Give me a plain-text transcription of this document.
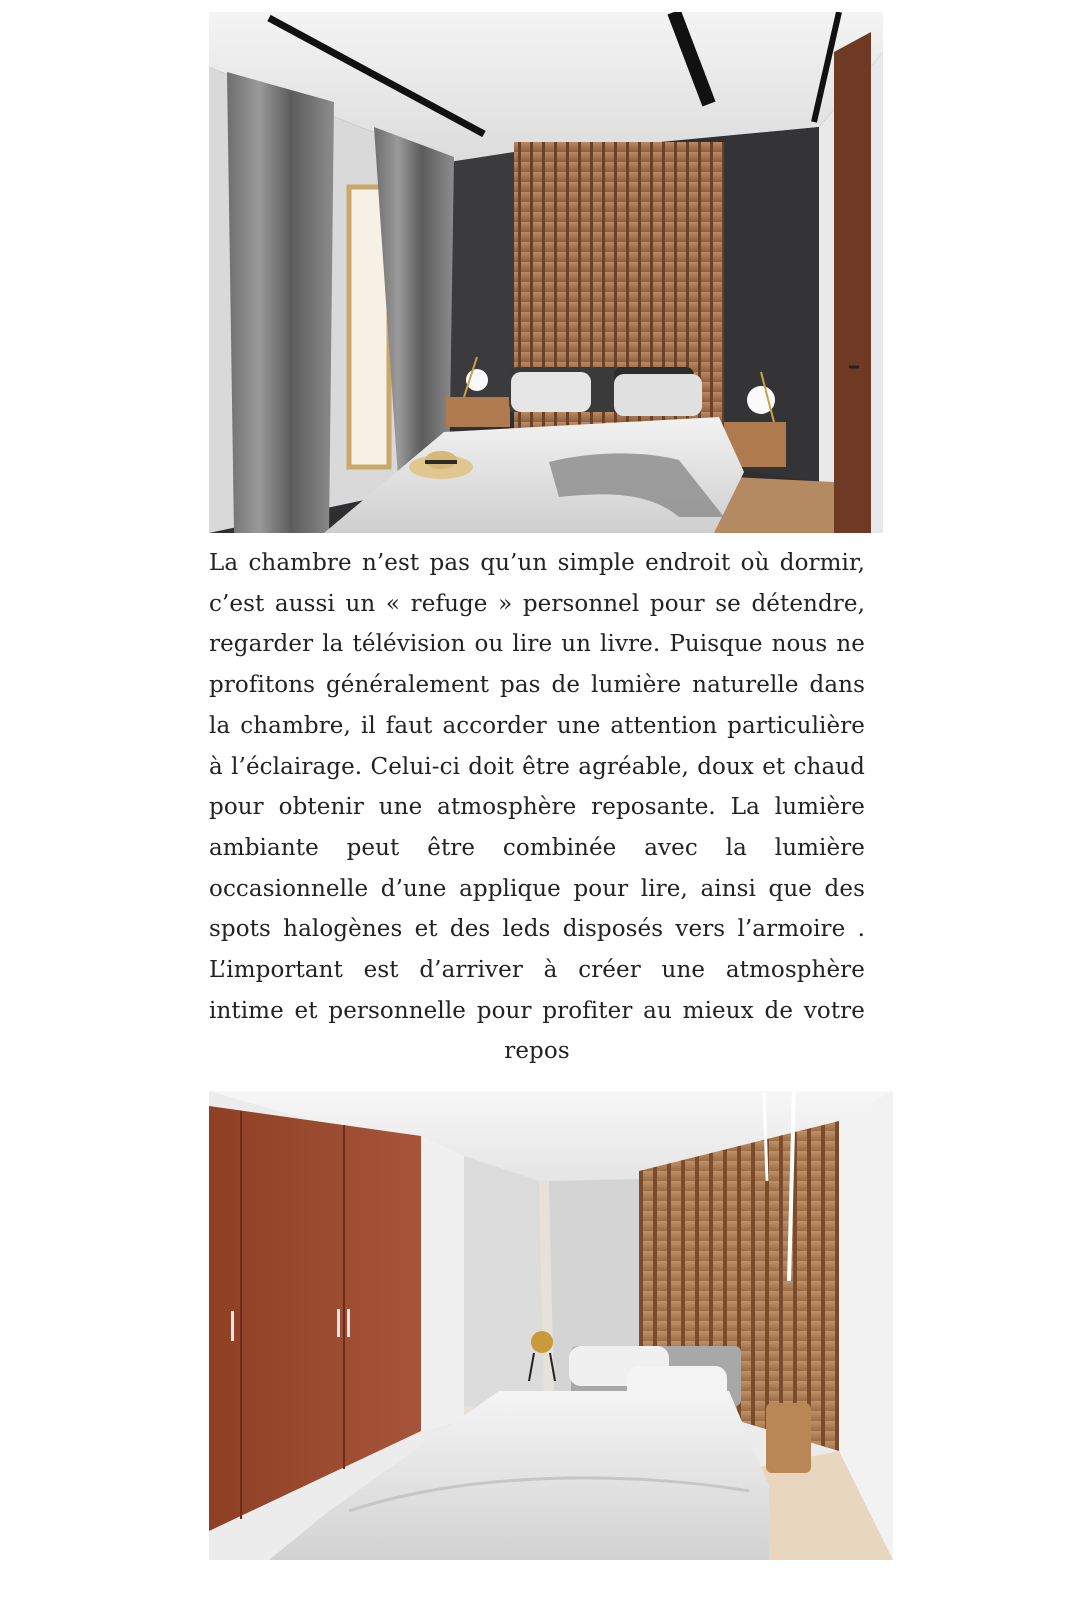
La chambre n’est pas qu’un simple endroit où dormir, c’est aussi un « refuge » personnel pour se détendre, regarder la télévision ou lire un livre. Puisque nous ne profitons généralement pas de lumière naturelle dans la chambre, il faut accorder une attention particulière à l’éclairage. Celui-ci doit être agréable, doux et chaud pour obtenir une atmosphère reposante. La lumière ambiante peut être combinée avec la lumière occasionnelle d’une applique pour lire, ainsi que des spots halogènes et des leds disposés vers l’armoire . L’important est d’arriver à créer une atmosphère intime et personnelle pour profiter au mieux de votre repos
